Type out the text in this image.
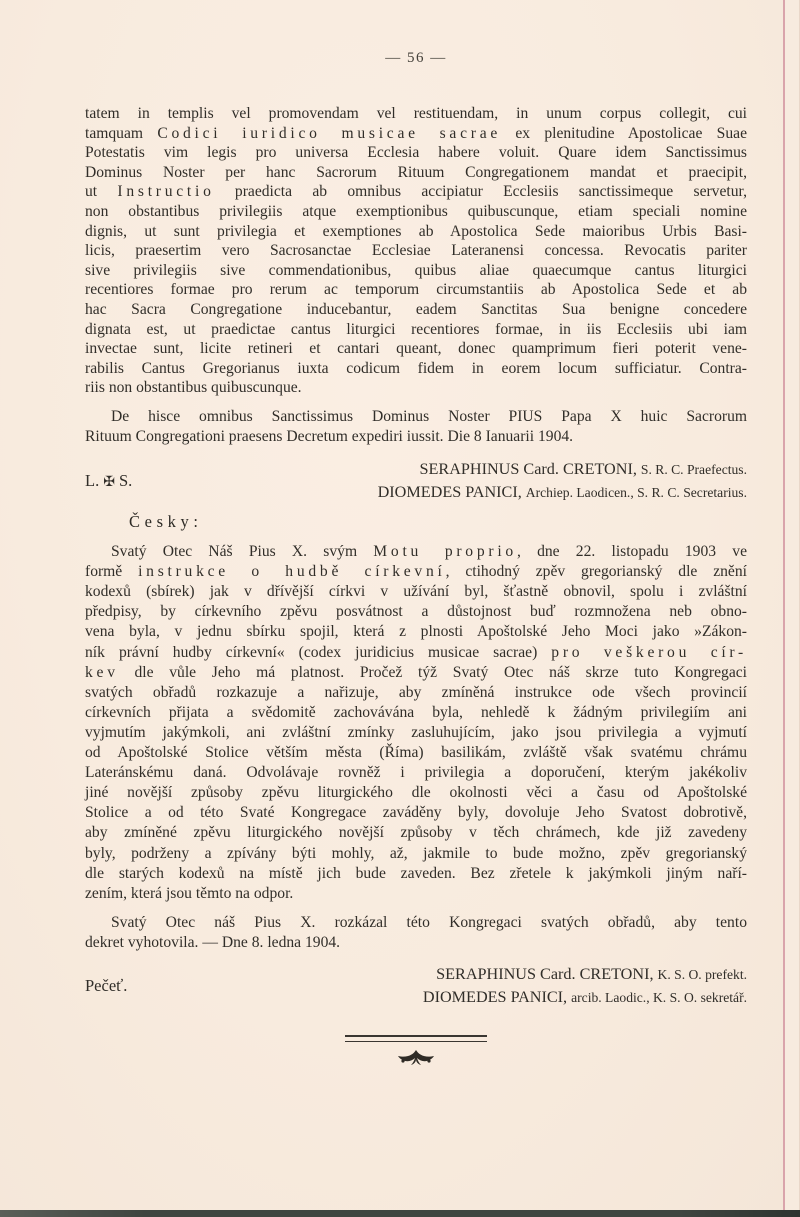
— 56 —
tatem in templis vel promovendam vel restituendam, in unum corpus collegit, cui
tamquam Codici iuridico musicae sacrae ex plenitudine Apostolicae Suae
Potestatis vim legis pro universa Ecclesia habere voluit. Quare idem Sanctissimus
Dominus Noster per hanc Sacrorum Rituum Congregationem mandat et praecipit,
ut Instructio praedicta ab omnibus accipiatur Ecclesiis sanctissimeque servetur,
non obstantibus privilegiis atque exemptionibus quibuscunque, etiam speciali nomine
dignis, ut sunt privilegia et exemptiones ab Apostolica Sede maioribus Urbis Basi-
licis, praesertim vero Sacrosanctae Ecclesiae Lateranensi concessa. Revocatis pariter
sive privilegiis sive commendationibus, quibus aliae quaecumque cantus liturgici
recentiores formae pro rerum ac temporum circumstantiis ab Apostolica Sede et ab
hac Sacra Congregatione inducebantur, eadem Sanctitas Sua benigne concedere
dignata est, ut praedictae cantus liturgici recentiores formae, in iis Ecclesiis ubi iam
invectae sunt, licite retineri et cantari queant, donec quamprimum fieri poterit vene-
rabilis Cantus Gregorianus iuxta codicum fidem in eorem locum sufficiatur. Contra-
riis non obstantibus quibuscunque.
De hisce omnibus Sanctissimus Dominus Noster PIUS Papa X huic Sacrorum
Rituum Congregationi praesens Decretum expediri iussit. Die 8 Ianuarii 1904.
L. ✠ S.
SERAPHINUS Card. CRETONI, S. R. C. Praefectus.
DIOMEDES PANICI, Archiep. Laodicen., S. R. C. Secretarius.
Česky:
Svatý Otec Náš Pius X. svým Motu proprio, dne 22. listopadu 1903 ve
formě instrukce o hudbě církevní, ctihodný zpěv gregorianský dle znění
kodexů (sbírek) jak v dřívější církvi v užívání byl, šťastně obnovil, spolu i zvláštní
předpisy, by církevního zpěvu posvátnost a důstojnost buď rozmnožena neb obno-
vena byla, v jednu sbírku spojil, která z plnosti Apoštolské Jeho Moci jako »Zákon-
ník právní hudby církevní« (codex juridicius musicae sacrae) pro veškerou cír-
kev dle vůle Jeho má platnost. Pročež týž Svatý Otec náš skrze tuto Kongregaci
svatých obřadů rozkazuje a nařizuje, aby zmíněná instrukce ode všech provincií
církevních přijata a svědomitě zachovávána byla, nehledě k žádným privilegiím ani
vyjmutím jakýmkoli, ani zvláštní zmínky zasluhujícím, jako jsou privilegia a vyjmutí
od Apoštolské Stolice větším města (Říma) basilikám, zvláště však svatému chrámu
Lateránskému daná. Odvolávaje rovněž i privilegia a doporučení, kterým jakékoliv
jiné novější způsoby zpěvu liturgického dle okolnosti věci a času od Apoštolské
Stolice a od této Svaté Kongregace zaváděny byly, dovoluje Jeho Svatost dobrotivě,
aby zmíněné zpěvu liturgického novější způsoby v těch chrámech, kde již zavedeny
byly, podrženy a zpívány býti mohly, až, jakmile to bude možno, zpěv gregorianský
dle starých kodexů na místě jich bude zaveden. Bez zřetele k jakýmkoli jiným naří-
zením, která jsou těmto na odpor.
Svatý Otec náš Pius X. rozkázal této Kongregaci svatých obřadů, aby tento
dekret vyhotovila. — Dne 8. ledna 1904.
Pečeť.
SERAPHINUS Card. CRETONI, K. S. O. prefekt.
DIOMEDES PANICI, arcib. Laodic., K. S. O. sekretář.
